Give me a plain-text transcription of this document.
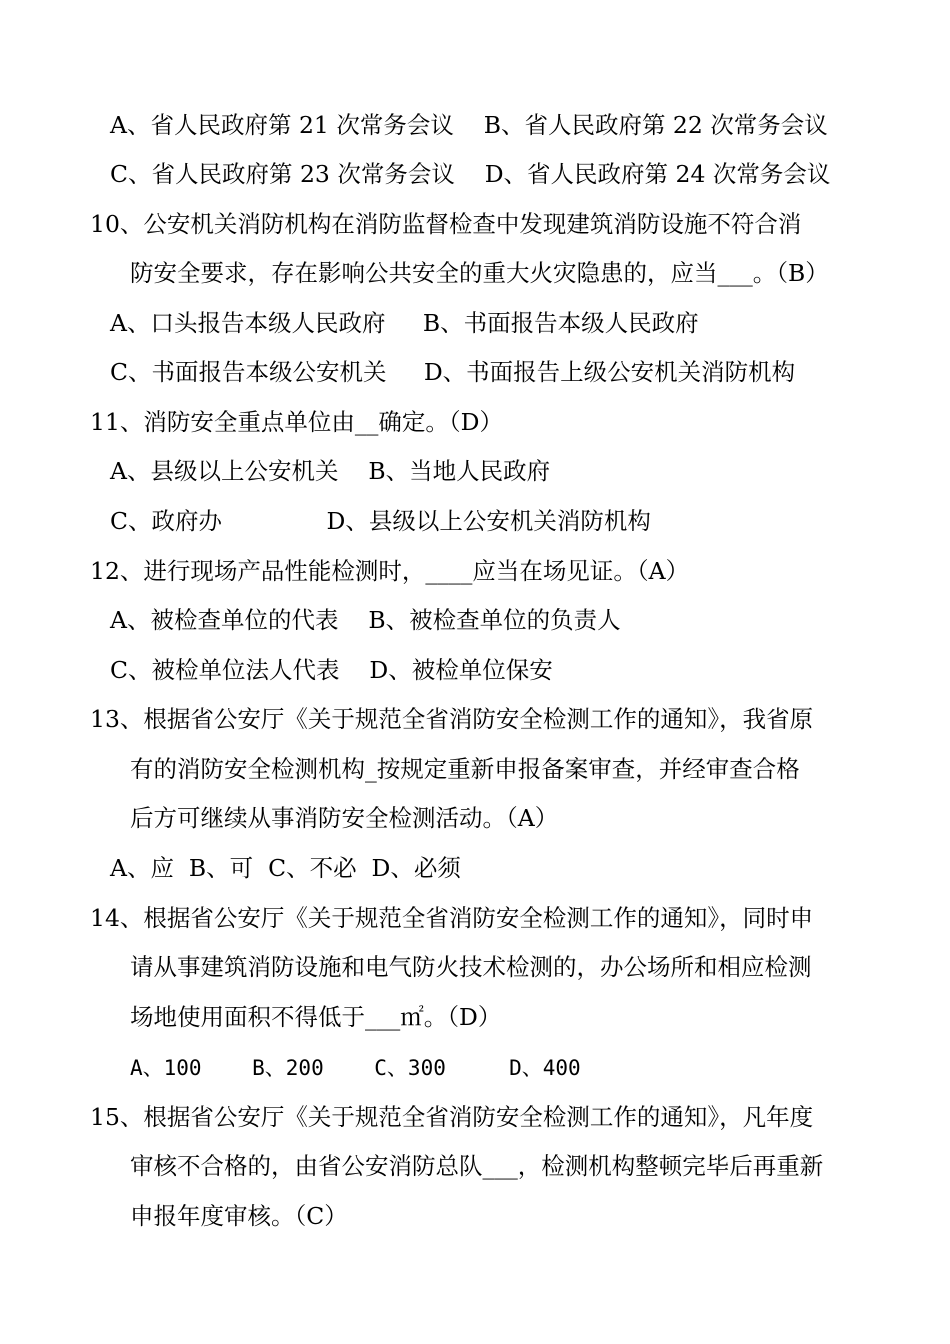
A、省人民政府第 21 次常务会议    B、省人民政府第 22 次常务会议
C、省人民政府第 23 次常务会议    D、省人民政府第 24 次常务会议
10、公安机关消防机构在消防监督检查中发现建筑消防设施不符合消
防安全要求，存在影响公共安全的重大火灾隐患的，应当___。（B）
A、口头报告本级人民政府     B、书面报告本级人民政府
C、书面报告本级公安机关     D、书面报告上级公安机关消防机构
11、消防安全重点单位由__确定。（D）
A、县级以上公安机关    B、当地人民政府
C、政府办              D、县级以上公安机关消防机构
12、进行现场产品性能检测时，____应当在场见证。（A）
A、被检查单位的代表    B、被检查单位的负责人
C、被检单位法人代表    D、被检单位保安
13、根据省公安厅《关于规范全省消防安全检测工作的通知》，我省原
有的消防安全检测机构_按规定重新申报备案审查，并经审查合格
后方可继续从事消防安全检测活动。（A）
A、应  B、可  C、不必  D、必须
14、根据省公安厅《关于规范全省消防安全检测工作的通知》，同时申
请从事建筑消防设施和电气防火技术检测的，办公场所和相应检测
场地使用面积不得低于___㎡。（D）
A、100    B、200    C、300     D、400
15、根据省公安厅《关于规范全省消防安全检测工作的通知》，凡年度
审核不合格的，由省公安消防总队___，检测机构整顿完毕后再重新
申报年度审核。（C）
